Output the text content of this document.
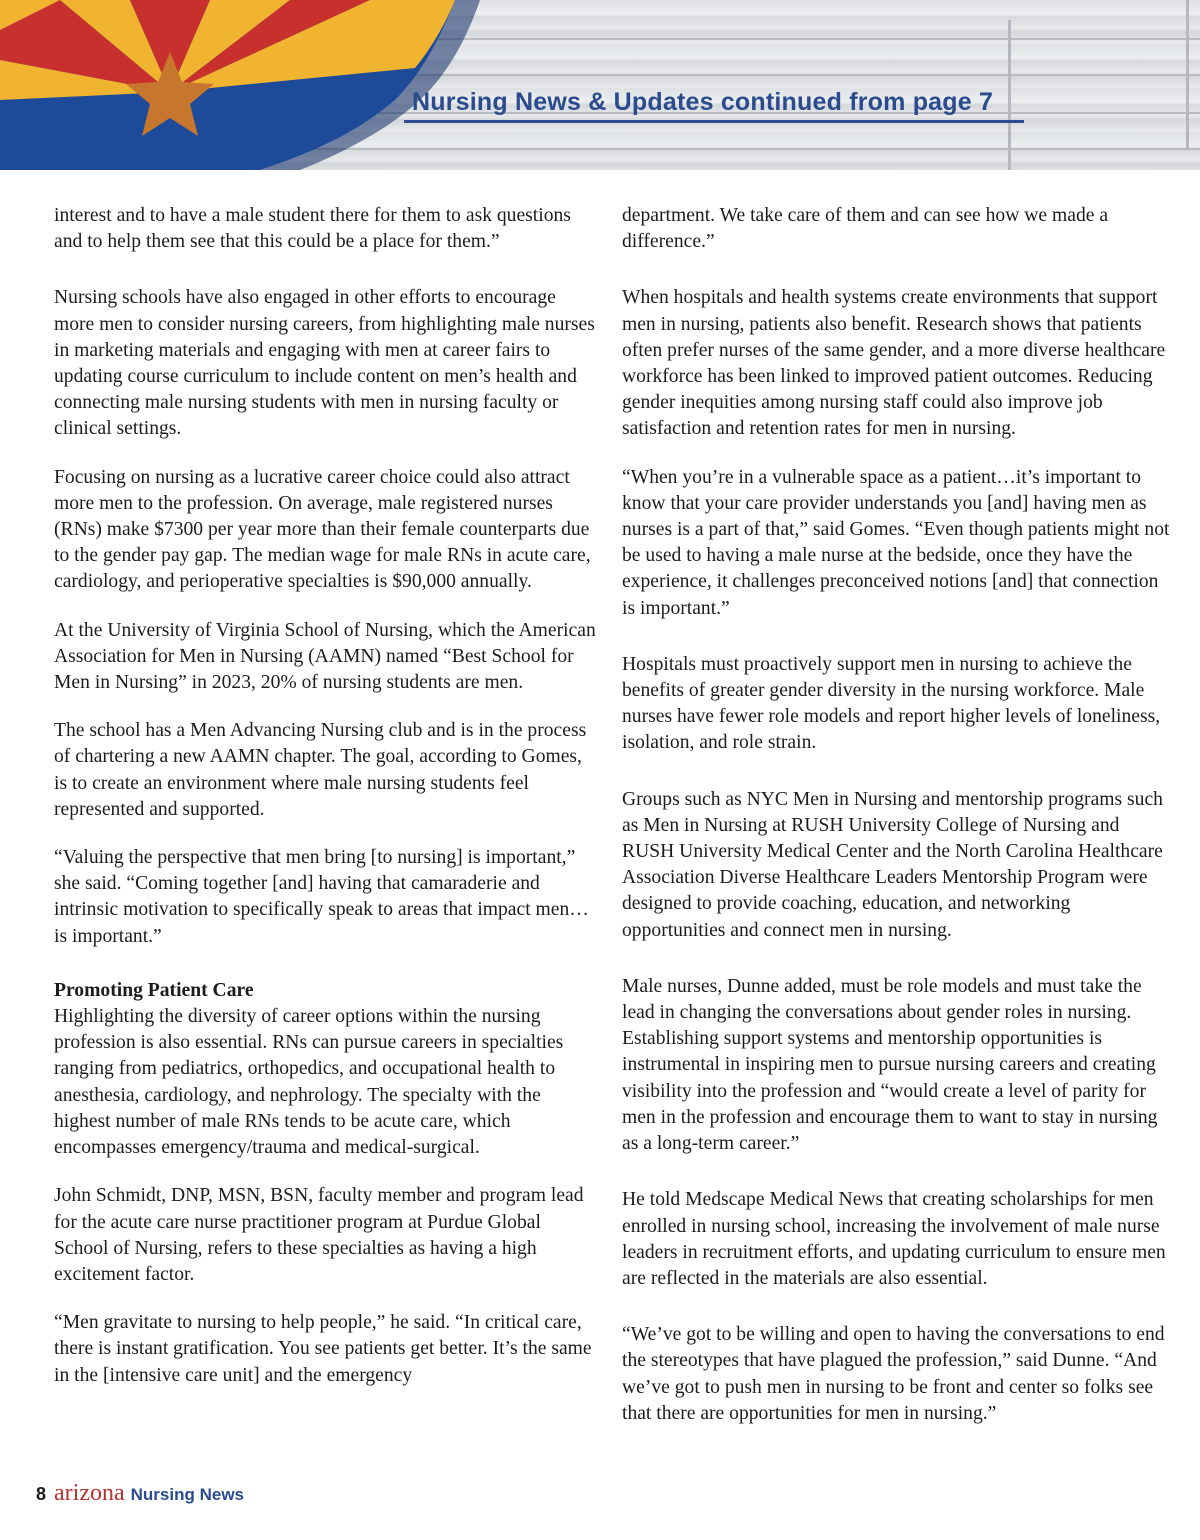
Nursing News & Updates continued from page 7

interest and to have a male student there for them to ask questions and to help them see that this could be a place for them.”

Nursing schools have also engaged in other efforts to encourage more men to consider nursing careers, from highlighting male nurses in marketing materials and engaging with men at career fairs to updating course curriculum to include content on men’s health and connecting male nursing students with men in nursing faculty or clinical settings.

Focusing on nursing as a lucrative career choice could also attract more men to the profession. On average, male registered nurses (RNs) make $7300 per year more than their female counterparts due to the gender pay gap. The median wage for male RNs in acute care, cardiology, and perioperative specialties is $90,000 annually.

At the University of Virginia School of Nursing, which the American Association for Men in Nursing (AAMN) named “Best School for Men in Nursing” in 2023, 20% of nursing students are men.

The school has a Men Advancing Nursing club and is in the process of chartering a new AAMN chapter. The goal, according to Gomes, is to create an environment where male nursing students feel represented and supported.

“Valuing the perspective that men bring [to nursing] is important,” she said. “Coming together [and] having that camaraderie and intrinsic motivation to specifically speak to areas that impact men…is important.”

Promoting Patient Care

Highlighting the diversity of career options within the nursing profession is also essential. RNs can pursue careers in specialties ranging from pediatrics, orthopedics, and occupational health to anesthesia, cardiology, and nephrology. The specialty with the highest number of male RNs tends to be acute care, which encompasses emergency/trauma and medical-surgical.

John Schmidt, DNP, MSN, BSN, faculty member and program lead for the acute care nurse practitioner program at Purdue Global School of Nursing, refers to these specialties as having a high excitement factor.

“Men gravitate to nursing to help people,” he said. “In critical care, there is instant gratification. You see patients get better. It’s the same in the [intensive care unit] and the emergency

department. We take care of them and can see how we made a difference.”

When hospitals and health systems create environments that support men in nursing, patients also benefit. Research shows that patients often prefer nurses of the same gender, and a more diverse healthcare workforce has been linked to improved patient outcomes. Reducing gender inequities among nursing staff could also improve job satisfaction and retention rates for men in nursing.

“When you’re in a vulnerable space as a patient…it’s important to know that your care provider understands you [and] having men as nurses is a part of that,” said Gomes. “Even though patients might not be used to having a male nurse at the bedside, once they have the experience, it challenges preconceived notions [and] that connection is important.”

Hospitals must proactively support men in nursing to achieve the benefits of greater gender diversity in the nursing workforce. Male nurses have fewer role models and report higher levels of loneliness, isolation, and role strain.

Groups such as NYC Men in Nursing and mentorship programs such as Men in Nursing at RUSH University College of Nursing and RUSH University Medical Center and the North Carolina Healthcare Association Diverse Healthcare Leaders Mentorship Program were designed to provide coaching, education, and networking opportunities and connect men in nursing.

Male nurses, Dunne added, must be role models and must take the lead in changing the conversations about gender roles in nursing. Establishing support systems and mentorship opportunities is instrumental in inspiring men to pursue nursing careers and creating visibility into the profession and “would create a level of parity for men in the profession and encourage them to want to stay in nursing as a long-term career.”

He told Medscape Medical News that creating scholarships for men enrolled in nursing school, increasing the involvement of male nurse leaders in recruitment efforts, and updating curriculum to ensure men are reflected in the materials are also essential.

“We’ve got to be willing and open to having the conversations to end the stereotypes that have plagued the profession,” said Dunne. “And we’ve got to push men in nursing to be front and center so folks see that there are opportunities for men in nursing.”

8 arizona Nursing News
